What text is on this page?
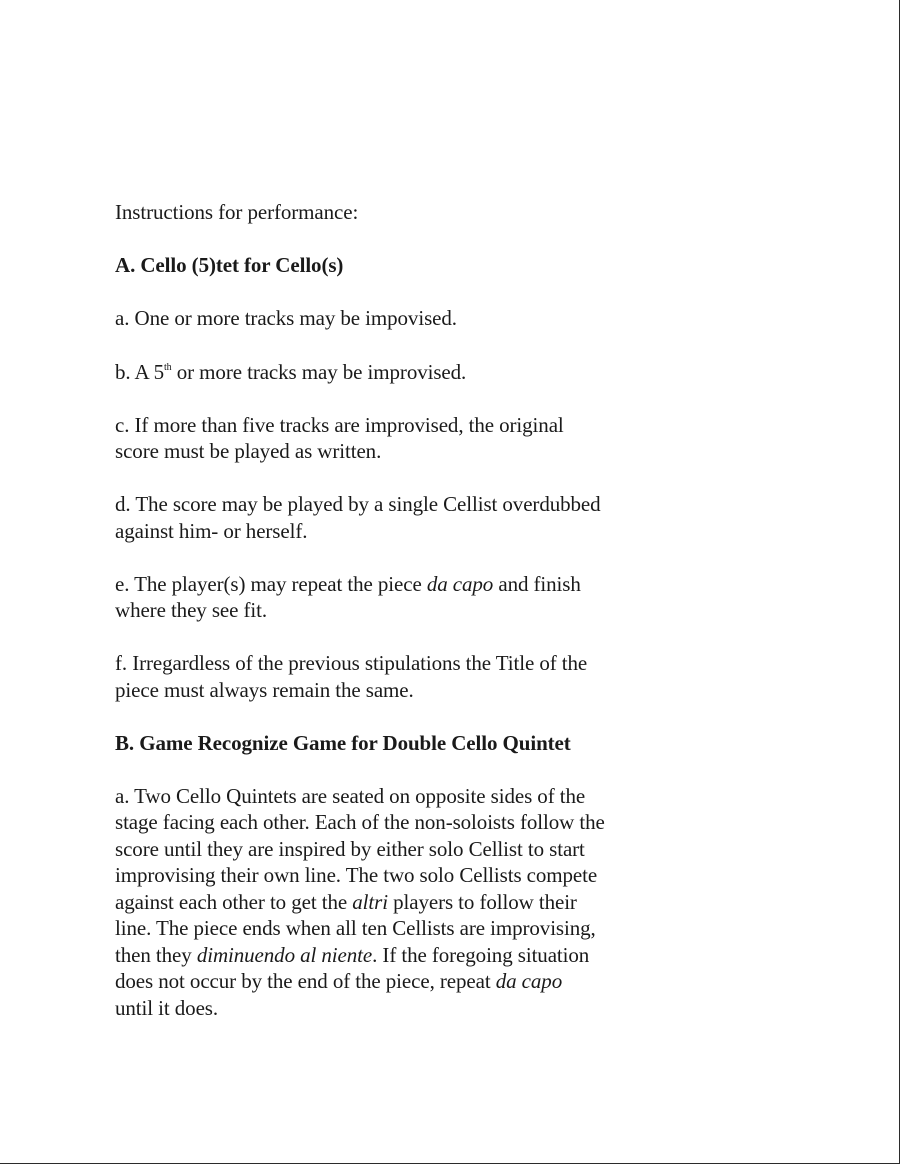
Instructions for performance:

A. Cello (5)tet for Cello(s)

a. One or more tracks may be impovised.

b. A 5th or more tracks may be improvised.

c. If more than five tracks are improvised, the original
score must be played as written.

d. The score may be played by a single Cellist overdubbed
against him- or herself.

e. The player(s) may repeat the piece da capo and finish
where they see fit.

f. Irregardless of the previous stipulations the Title of the
piece must always remain the same.

B. Game Recognize Game for Double Cello Quintet

a. Two Cello Quintets are seated on opposite sides of the
stage facing each other. Each of the non-soloists follow the
score until they are inspired by either solo Cellist to start
improvising their own line. The two solo Cellists compete
against each other to get the altri players to follow their
line. The piece ends when all ten Cellists are improvising,
then they diminuendo al niente. If the foregoing situation
does not occur by the end of the piece, repeat da capo
until it does.
